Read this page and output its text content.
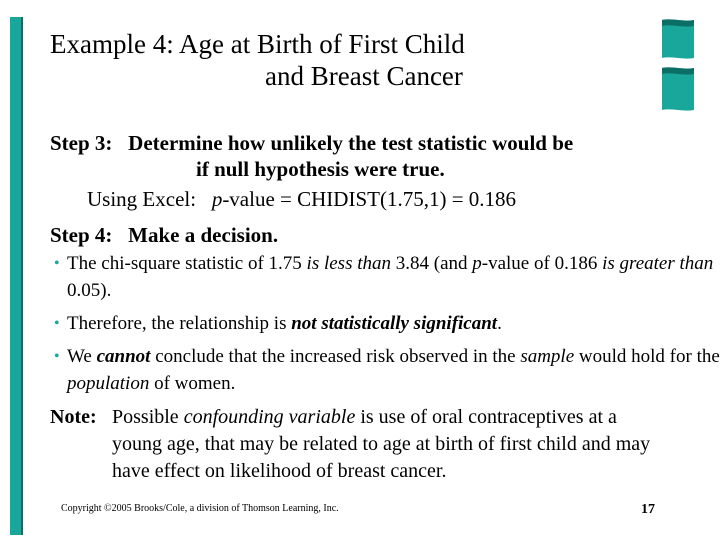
Example 4: Age at Birth of First Child
and Breast Cancer
Step 3: Determine how unlikely the test statistic would be
if null hypothesis were true.
Using Excel:   p-value = CHIDIST(1.75,1) = 0.186
Step 4: Make a decision.
• The chi-square statistic of 1.75 is less than 3.84 (and p-value of 0.186 is greater than 0.05).
• Therefore, the relationship is not statistically significant.
• We cannot conclude that the increased risk observed in the sample would hold for the population of women.
Note: Possible confounding variable is use of oral contraceptives at a young age, that may be related to age at birth of first child and may have effect on likelihood of breast cancer.
Copyright ©2005 Brooks/Cole, a division of Thomson Learning, Inc.	17
